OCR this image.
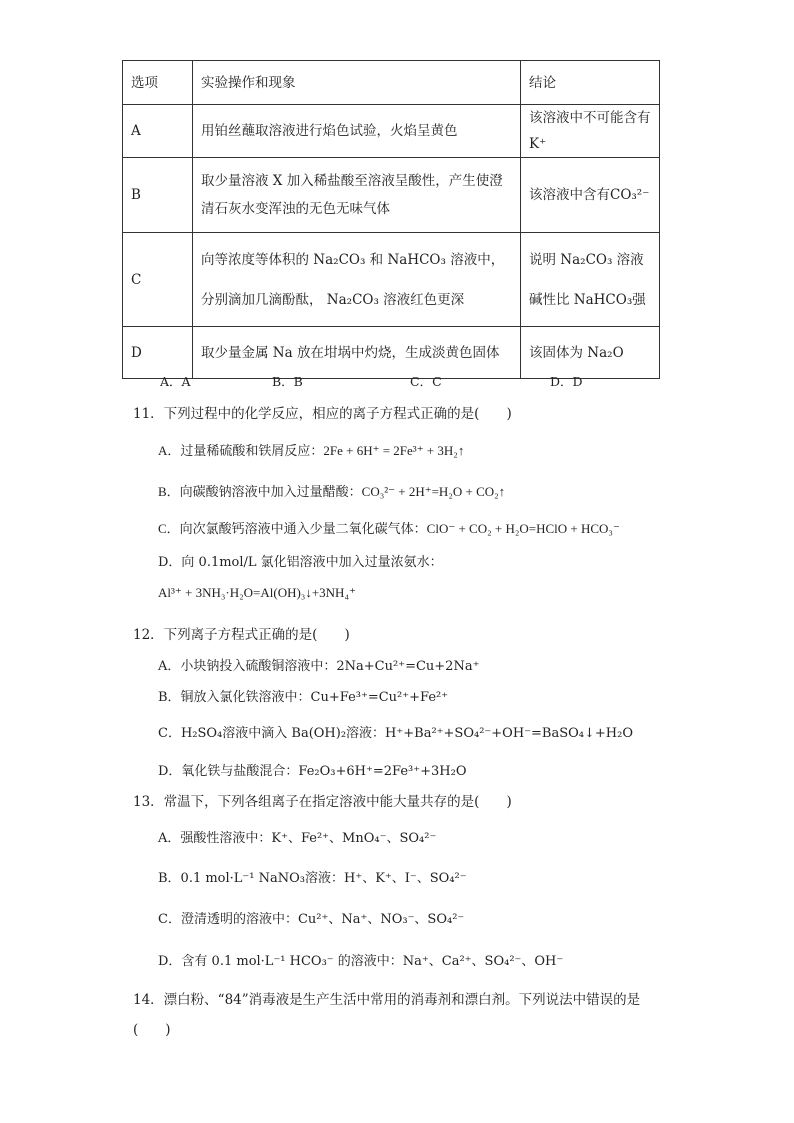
选项	实验操作和现象	结论
A	用铂丝蘸取溶液进行焰色试验，火焰呈黄色	该溶液中不可能含有K⁺
B	取少量溶液 X 加入稀盐酸至溶液呈酸性，产生使澄清石灰水变浑浊的无色无味气体	该溶液中含有CO₃²⁻
C	向等浓度等体积的 Na₂CO₃ 和 NaHCO₃ 溶液中，分别滴加几滴酚酞， Na₂CO₃ 溶液红色更深	说明 Na₂CO₃ 溶液碱性比 NaHCO₃强
D	取少量金属 Na 放在坩埚中灼烧，生成淡黄色固体	该固体为 Na₂O
A．A	B．B	C．C	D．D
11．下列过程中的化学反应，相应的离子方程式正确的是(　　)
A．过量稀硫酸和铁屑反应：2Fe + 6H⁺ = 2Fe³⁺ + 3H₂↑
B．向碳酸钠溶液中加入过量醋酸：CO₃²⁻ + 2H⁺=H₂O + CO₂↑
C．向次氯酸钙溶液中通入少量二氧化碳气体：ClO⁻ + CO₂ + H₂O=HClO + HCO₃⁻
D．向 0.1mol/L 氯化铝溶液中加入过量浓氨水：
Al³⁺ + 3NH₃·H₂O=Al(OH)₃↓+3NH₄⁺
12．下列离子方程式正确的是(　　)
A．小块钠投入硫酸铜溶液中：2Na+Cu²⁺=Cu+2Na⁺
B．铜放入氯化铁溶液中：Cu+Fe³⁺=Cu²⁺+Fe²⁺
C．H₂SO₄溶液中滴入 Ba(OH)₂溶液：H⁺+Ba²⁺+SO₄²⁻+OH⁻=BaSO₄↓+H₂O
D．氧化铁与盐酸混合：Fe₂O₃+6H⁺=2Fe³⁺+3H₂O
13．常温下，下列各组离子在指定溶液中能大量共存的是(　　)
A．强酸性溶液中：K⁺、Fe²⁺、MnO₄⁻、SO₄²⁻
B．0.1 mol·L⁻¹ NaNO₃溶液：H⁺、K⁺、I⁻、SO₄²⁻
C．澄清透明的溶液中：Cu²⁺、Na⁺、NO₃⁻、SO₄²⁻
D．含有 0.1 mol·L⁻¹ HCO₃⁻ 的溶液中：Na⁺、Ca²⁺、SO₄²⁻、OH⁻
14．漂白粉、“84”消毒液是生产生活中常用的消毒剂和漂白剂。下列说法中错误的是
(　　)
